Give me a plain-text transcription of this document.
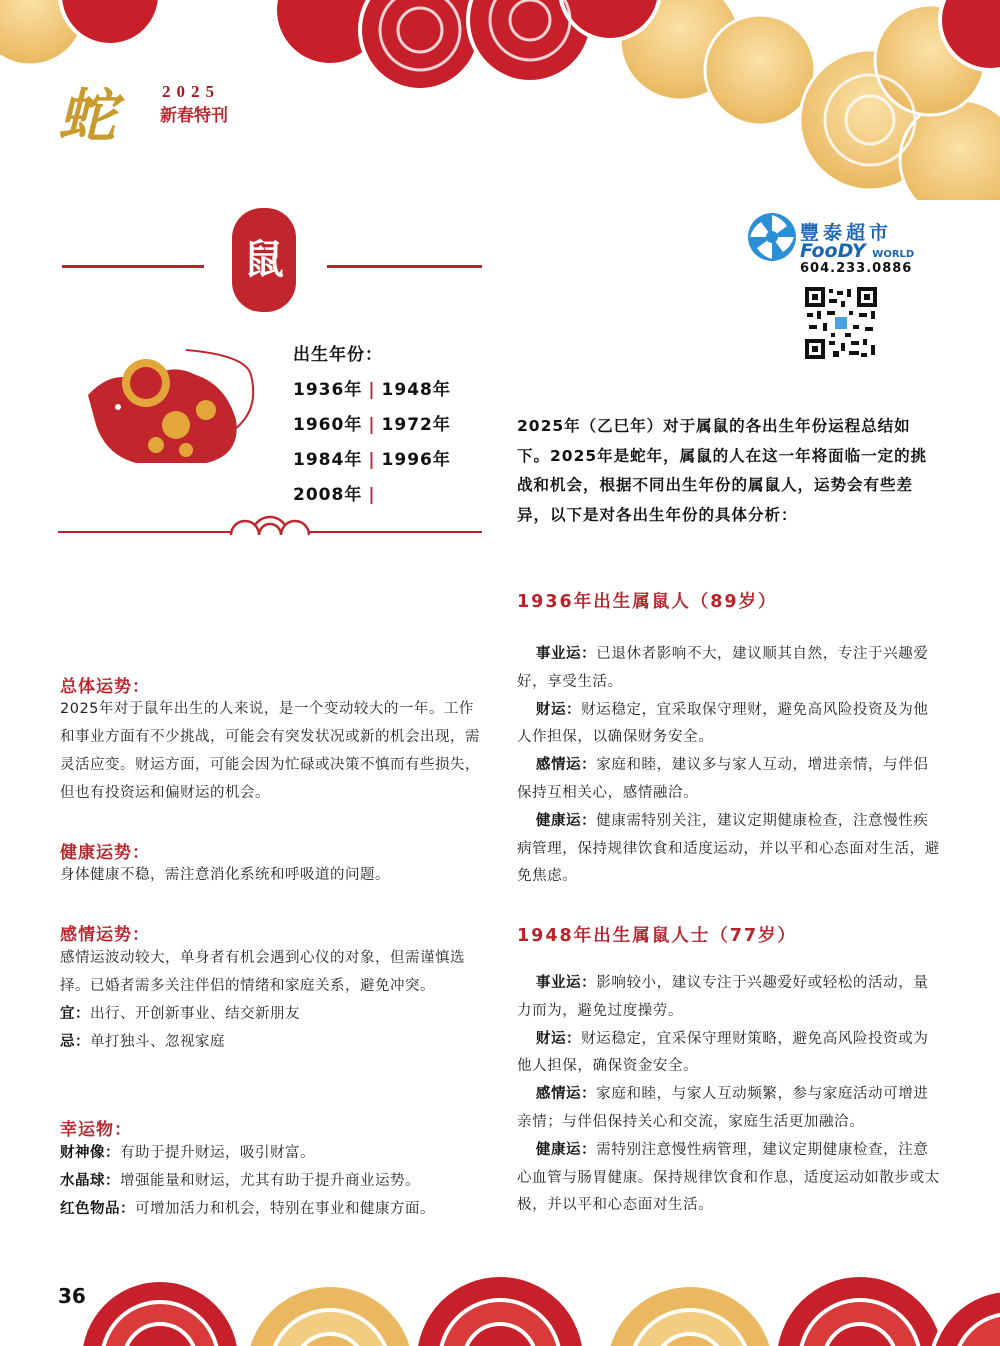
蛇	2025
新春特刊
鼠
出生年份：
1936年 | 1948年
1960年 | 1972年
1984年 | 1996年
2008年 |
豐泰超市
FooDY WORLD
604.233.0886
2025年（乙巳年）对于属鼠的各出生年份运程总结如下。2025年是蛇年，属鼠的人在这一年将面临一定的挑战和机会，根据不同出生年份的属鼠人，运势会有些差异，以下是对各出生年份的具体分析：
1936年出生属鼠人（89岁）

事业运：已退休者影响不大，建议顺其自然，专注于兴趣爱好，享受生活。

财运：财运稳定，宜采取保守理财，避免高风险投资及为他人作担保，以确保财务安全。

感情运：家庭和睦，建议多与家人互动，增进亲情，与伴侣保持互相关心，感情融洽。

健康运：健康需特别关注，建议定期健康检查，注意慢性疾病管理，保持规律饮食和适度运动，并以平和心态面对生活，避免焦虑。

1948年出生属鼠人士（77岁）

事业运：影响较小，建议专注于兴趣爱好或轻松的活动，量力而为，避免过度操劳。

财运：财运稳定，宜采保守理财策略，避免高风险投资或为他人担保，确保资金安全。

感情运：家庭和睦，与家人互动频繁，参与家庭活动可增进亲情；与伴侣保持关心和交流，家庭生活更加融洽。

健康运：需特别注意慢性病管理，建议定期健康检查，注意心血管与肠胃健康。保持规律饮食和作息，适度运动如散步或太极，并以平和心态面对生活。

总体运势：
2025年对于鼠年出生的人来说，是一个变动较大的一年。工作和事业方面有不少挑战，可能会有突发状况或新的机会出现，需灵活应变。财运方面，可能会因为忙碌或决策不慎而有些损失，但也有投资运和偏财运的机会。
健康运势：
身体健康不稳，需注意消化系统和呼吸道的问题。
感情运势：

感情运波动较大，单身者有机会遇到心仪的对象，但需谨慎选择。已婚者需多关注伴侣的情绪和家庭关系，避免冲突。

宜：出行、开创新事业、结交新朋友

忌：单打独斗、忽视家庭

幸运物：

财神像：有助于提升财运，吸引财富。

水晶球：增强能量和财运，尤其有助于提升商业运势。

红色物品：可增加活力和机会，特别在事业和健康方面。

36
